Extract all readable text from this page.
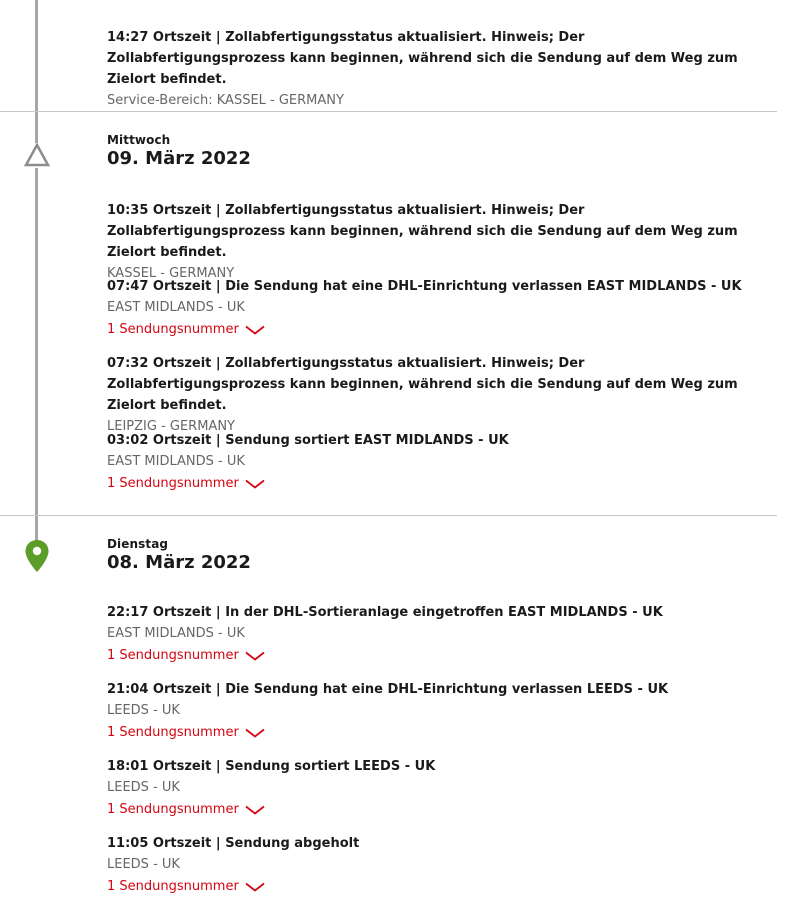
14:27 Ortszeit | Zollabfertigungsstatus aktualisiert. Hinweis; Der Zollabfertigungsprozess kann beginnen, während sich die Sendung auf dem Weg zum Zielort befindet.
Service-Bereich: KASSEL - GERMANY
Mittwoch
09. März 2022
10:35 Ortszeit | Zollabfertigungsstatus aktualisiert. Hinweis; Der Zollabfertigungsprozess kann beginnen, während sich die Sendung auf dem Weg zum Zielort befindet.
KASSEL - GERMANY
07:47 Ortszeit | Die Sendung hat eine DHL-Einrichtung verlassen EAST MIDLANDS - UK
EAST MIDLANDS - UK
1 Sendungsnummer
07:32 Ortszeit | Zollabfertigungsstatus aktualisiert. Hinweis; Der Zollabfertigungsprozess kann beginnen, während sich die Sendung auf dem Weg zum Zielort befindet.
LEIPZIG - GERMANY
03:02 Ortszeit | Sendung sortiert EAST MIDLANDS - UK
EAST MIDLANDS - UK
1 Sendungsnummer
Dienstag
08. März 2022
22:17 Ortszeit | In der DHL-Sortieranlage eingetroffen EAST MIDLANDS - UK
EAST MIDLANDS - UK
1 Sendungsnummer
21:04 Ortszeit | Die Sendung hat eine DHL-Einrichtung verlassen LEEDS - UK
LEEDS - UK
1 Sendungsnummer
18:01 Ortszeit | Sendung sortiert LEEDS - UK
LEEDS - UK
1 Sendungsnummer
11:05 Ortszeit | Sendung abgeholt
LEEDS - UK
1 Sendungsnummer
